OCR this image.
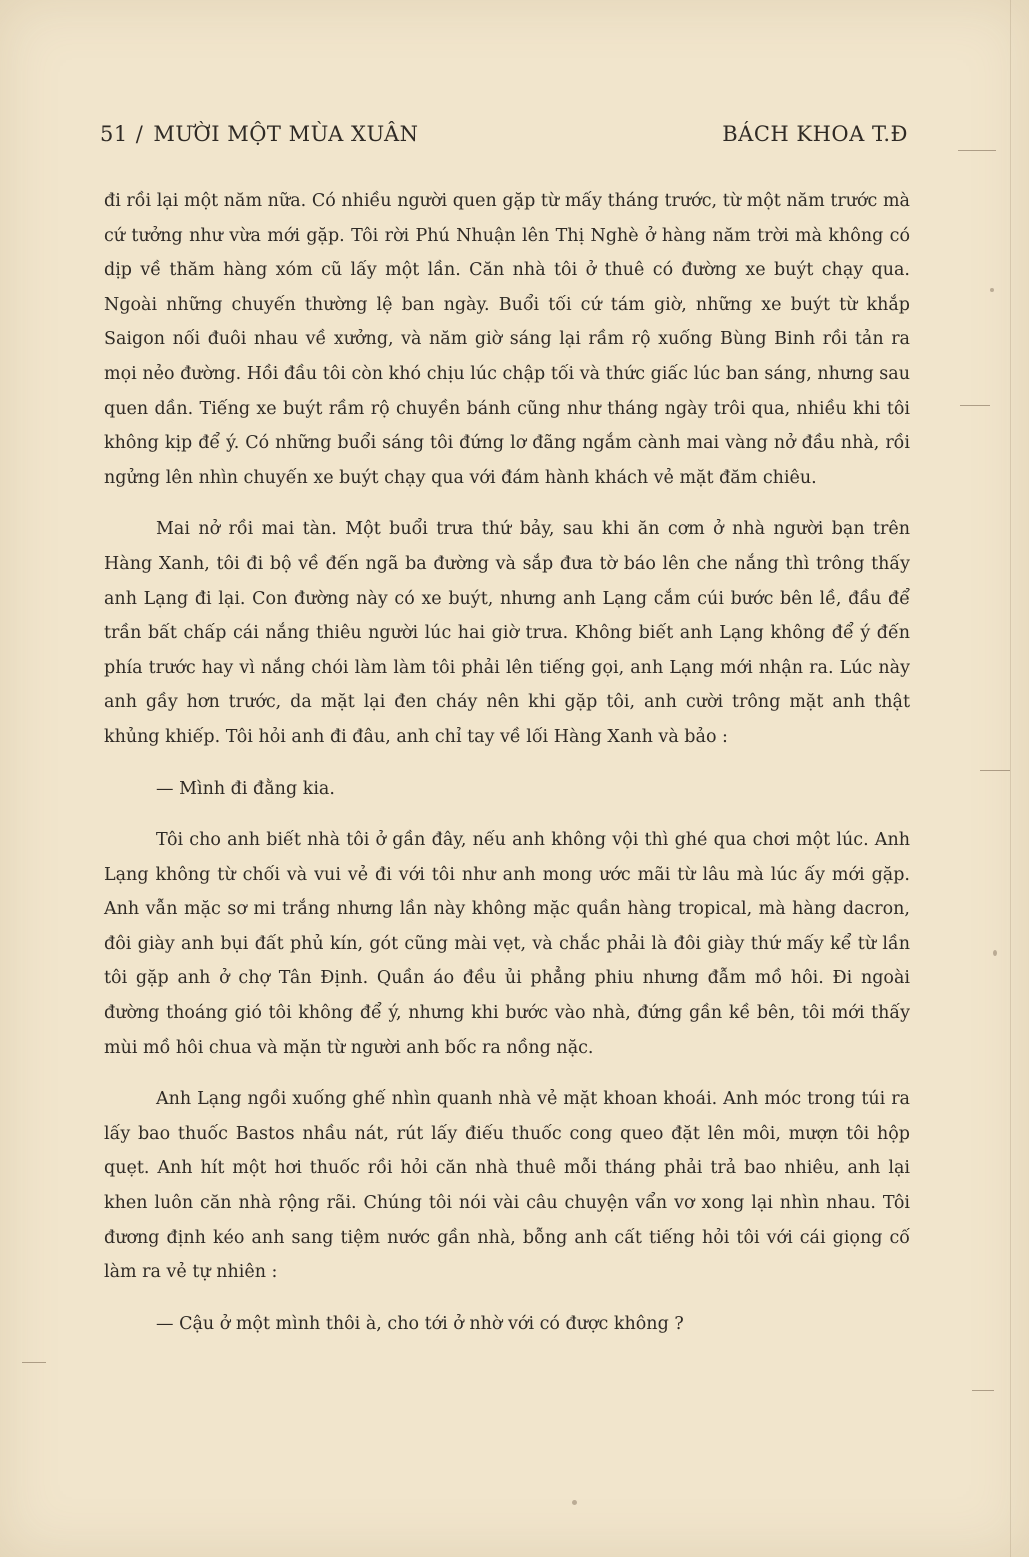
51 / MƯỜI MỘT MÙA XUÂN	BÁCH KHOA T.Đ

đi rồi lại một năm nữa. Có nhiều người quen gặp từ mấy tháng trước, từ một năm trước mà cứ tưởng như vừa mới gặp. Tôi rời Phú Nhuận lên Thị Nghè ở hàng năm trời mà không có dịp về thăm hàng xóm cũ lấy một lần. Căn nhà tôi ở thuê có đường xe buýt chạy qua. Ngoài những chuyến thường lệ ban ngày. Buổi tối cứ tám giờ, những xe buýt từ khắp Saigon nối đuôi nhau về xưởng, và năm giờ sáng lại rầm rộ xuống Bùng Binh rồi tản ra mọi nẻo đường. Hồi đầu tôi còn khó chịu lúc chập tối và thức giấc lúc ban sáng, nhưng sau quen dần. Tiếng xe buýt rầm rộ chuyền bánh cũng như tháng ngày trôi qua, nhiều khi tôi không kịp để ý. Có những buổi sáng tôi đứng lơ đãng ngắm cành mai vàng nở đầu nhà, rồi ngửng lên nhìn chuyến xe buýt chạy qua với đám hành khách vẻ mặt đăm chiêu.

Mai nở rồi mai tàn. Một buổi trưa thứ bảy, sau khi ăn cơm ở nhà người bạn trên Hàng Xanh, tôi đi bộ về đến ngã ba đường và sắp đưa tờ báo lên che nắng thì trông thấy anh Lạng đi lại. Con đường này có xe buýt, nhưng anh Lạng cắm cúi bước bên lề, đầu để trần bất chấp cái nắng thiêu người lúc hai giờ trưa. Không biết anh Lạng không để ý đến phía trước hay vì nắng chói làm làm tôi phải lên tiếng gọi, anh Lạng mới nhận ra. Lúc này anh gầy hơn trước, da mặt lại đen cháy nên khi gặp tôi, anh cười trông mặt anh thật khủng khiếp. Tôi hỏi anh đi đâu, anh chỉ tay về lối Hàng Xanh và bảo :

— Mình đi đằng kia.

Tôi cho anh biết nhà tôi ở gần đây, nếu anh không vội thì ghé qua chơi một lúc. Anh Lạng không từ chối và vui vẻ đi với tôi như anh mong ước mãi từ lâu mà lúc ấy mới gặp. Anh vẫn mặc sơ mi trắng nhưng lần này không mặc quần hàng tropical, mà hàng dacron, đôi giày anh bụi đất phủ kín, gót cũng mài vẹt, và chắc phải là đôi giày thứ mấy kể từ lần tôi gặp anh ở chợ Tân Định. Quần áo đều ủi phẳng phiu nhưng đẫm mồ hôi. Đi ngoài đường thoáng gió tôi không để ý, nhưng khi bước vào nhà, đứng gần kề bên, tôi mới thấy mùi mồ hôi chua và mặn từ người anh bốc ra nồng nặc.

Anh Lạng ngồi xuống ghế nhìn quanh nhà vẻ mặt khoan khoái. Anh móc trong túi ra lấy bao thuốc Bastos nhầu nát, rút lấy điếu thuốc cong queo đặt lên môi, mượn tôi hộp quẹt. Anh hít một hơi thuốc rồi hỏi căn nhà thuê mỗi tháng phải trả bao nhiêu, anh lại khen luôn căn nhà rộng rãi. Chúng tôi nói vài câu chuyện vẩn vơ xong lại nhìn nhau. Tôi đương định kéo anh sang tiệm nước gần nhà, bỗng anh cất tiếng hỏi tôi với cái giọng cố làm ra vẻ tự nhiên :

— Cậu ở một mình thôi à, cho tới ở nhờ với có được không ?
